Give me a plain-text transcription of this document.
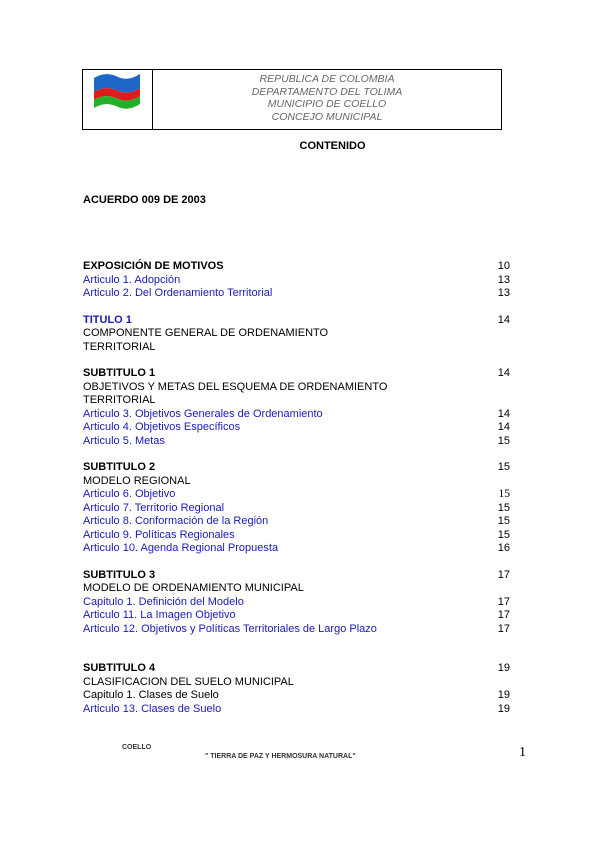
REPUBLICA DE COLOMBIA
DEPARTAMENTO DEL TOLIMA
MUNICIPIO DE COELLO
CONCEJO MUNICIPAL
CONTENIDO
ACUERDO 009 DE 2003
EXPOSICIÓN DE MOTIVOS	10
Articulo 1. Adopción	13
Articulo 2. Del Ordenamiento Territorial	13
TITULO 1	14
COMPONENTE GENERAL DE ORDENAMIENTO
TERRITORIAL
SUBTITULO 1	14
OBJETIVOS Y METAS DEL ESQUEMA DE ORDENAMIENTO
TERRITORIAL
Articulo 3. Objetivos Generales de Ordenamiento	14
Articulo 4. Objetivos Específicos	14
Articulo 5. Metas	15
SUBTITULO 2	15
MODELO REGIONAL
Articulo 6. Objetivo	15
Articulo 7. Territorio Regional	15
Articulo 8. Conformación de la Región	15
Articulo 9. Políticas Regionales	15
Articulo 10. Agenda Regional Propuesta	16
SUBTITULO 3	17
MODELO DE ORDENAMIENTO MUNICIPAL
Capitulo 1. Definición del Modelo	17
Articulo 11. La Imagen Objetivo	17
Articulo 12. Objetivos y Políticas Territoriales de Largo Plazo	17
SUBTITULO 4	19
CLASIFICACION DEL SUELO MUNICIPAL
Capitulo 1. Clases de Suelo	19
Articulo 13. Clases de Suelo	19
COELLO
" TIERRA DE PAZ Y HERMOSURA NATURAL"	1
